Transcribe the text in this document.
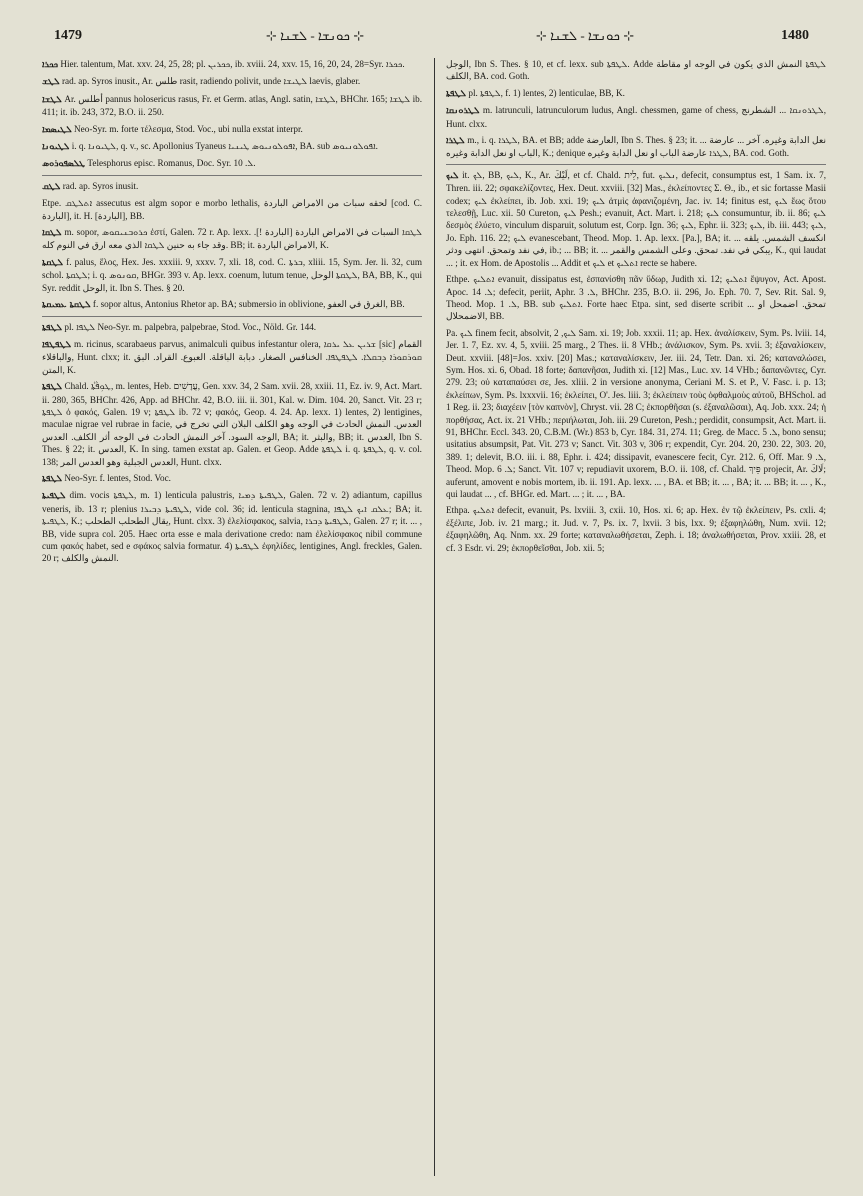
1479	⊹ ܟܘܢܫܐ - ܠܫܢܐ ⊹	⊹ ܟܘܢܫܐ - ܠܫܢܐ ⊹	1480

ܟܟܪܐ Hier. talentum, Mat. xxv. 24, 25, 28; pl. ܟܟܪܝܢ, ib. xviii. 24, xxv. 15, 16, 20, 24, 28=Syr. ܟܟܪܐ.

ܠܛܫ rad. ap. Syros inusit., Ar. طلس rasit, radiendo polivit, unde ܠܛܝܫܐ laevis, glaber.

ܠܛܫܐ Ar. أطلس pannus holosericus rasus, Fr. et Germ. atlas, Angl. satin, ܠܛܫܐ, BHChr. 165; ܠܛܫܐ ib. 411; it. ib. 243, 372, B.O. ii. 250.

ܠܛܝܣܡܐ Neo-Syr. m. forte τέλεσμα, Stod. Voc., ubi nulla exstat interpr.

ܠܛܝܘܢܐ i. q. ܠܛܝܘܢܐ, q. v., sc. Apollonius Tyaneus ܐܦܘܠܘܢܝܘܣ ܛܝܢܝܐ, BA. sub ܐܦܘܠܘܢܝܘܣ.

ܛܠܣܦܘܪܘܣ Telesphorus episc. Romanus, Doc. Syr. ܠ. 10.

ܠܛܩ rad. ap. Syros inusit.

Etpe. ܐܬܠܛܩ assecutus est algm sopor e morbo lethalis, لحقه سبات من الامراض الباردة [cod. C. الباردة], it. H. [الباردة], BB.

ܠܛܩܐ m. sopor, ܟܪܘܒܢܝܩܘܣ ἐστί, Galen. 72 r. Ap. lexx. ܠܛܩܐ السبات في الامراض الباردة [الباردة !]. وقد جاء به حنين ܠܛܩܐ الذي معه ارق في النوم كله. BB; it. الامراض الباردة, K.

ܠܛܩܬܐ f. palus, ἕλος, Hex. Jes. xxxiii. 9, xxxv. 7, xli. 18, cod. C. ܒܪܬܐ, xliii. 15, Sym. Jer. li. 32, cum schol. ܠܛܩܬܐ; i. q. ܩܘܢܘܣ, BHGr. 393 v. Ap. lexx. coenum, lutum tenue, ܠܛܩܬܐ الوحل, BA, BB, K., qui Syr. reddit الوحل, it. Ibn S. Thes. § 20.

ܠܛܩܬܐ ܥܡܝܩܬܐ f. sopor altus, Antonius Rhetor ap. BA; submersio in oblivione, الغرق في العفو, BB.

ܠܛܦܬܐ pl. ܠܛܦܐ Neo-Syr. m. palpebra, palpebrae, Stod. Voc., Nöld. Gr. 144.

ܠܛܦܛܦܐ m. ricinus, scarabaeus parvus, animalculi quibus infestantur olera, ܫܪܝܢ ܥܠ ܝܪܩܐ [sic] القمام والباقلاء, Hunt. clxx; it. ܩܘܪܩܘܪܐ ܕܒܩܠܐ. ܠܛܦܛܦܐ. الخنافس الصغار. دبابة الباقلة. العبوع. القراد. البق المتن, K.

ܠܛܦܬܐ Chald. ܛܘܼܦܵܬܵܐ, m. lentes, Heb. עֲדָשִׁים, Gen. xxv. 34, 2 Sam. xvii. 28, xxiii. 11, Ez. iv. 9, Act. Mart. ii. 280, 365, BHChr. 426, App. ad BHChr. 42, B.O. iii. ii. 301, Kal. w. Dim. 104. 20, Sanct. Vit. 23 r; ܠܛܦܬܐ ὁ φακός, Galen. 19 v; ܠܛܦܬܐ ib. 72 v; φακός, Geop. 4. 24. Ap. lexx. 1) lentes, 2) lentigines, maculae nigrae vel rubrae in facie, العدس. النمش الحادث في الوجه وهو الكلف البلان التي تخرج في الوجه السود. آخر النمش الحادث في الوجه أثر الكلف. العدس, BA; it. والبثر, BB; it. العدس, Ibn S. Thes. § 22; it. العدس, K. In sing. tamen exstat ap. Galen. et Geop. Adde ܠܛܦܬܐ i. q. ܠܛܦܬܐ, q. v. col. 138; العدس الجبلية وهو العدس المر, Hunt. clxx.

ܠܛܦܬܐ Neo-Syr. f. lentes, Stod. Voc.

ܠܛܦܝܬܐ dim. vocis ܠܛܦܬܐ, m. 1) lenticula palustris, ܠܛܦܝܬܐ ܕܡܝܐ, Galen. 72 v. 2) adiantum, capillus veneris, ib. 13 r; plenius ܠܛܦܝܬܐ ܕܒܝܪܐ, vide col. 36; id. lenticula stagnina, ܥܠܩ ܐܝܟ ܠܛܦܐ; BA; it. ܠܛܦܝܬܐ, K.; يقال الطحلب الطحلب, Hunt. clxx. 3) ἐλελίσφακος, salvia, ܠܛܦܝܬܐ ܕܒܪܐ, Galen. 27 r; it. ... , BB, vide supra col. 205. Haec orta esse e mala derivatione credo: nam ἐλελίσφακος nibil commune cum φακός habet, sed e σφάκος salvia formatur. 4) ܠܛܦܝܬܐ ἐφηλίδες, lentigines, Angl. freckles, Galen. 20 r; النمش والكلف.

الوجل, Ibn S. Thes. § 10, et cf. lexx. sub ܠܛܦܬܐ. Adde ܠܛܦܬܐ النمش الذي يكون في الوجه او مقاطة الكلف, BA. cod. Goth.

ܠܛܦܬܐ pl. ܠܛܦܬܐ, f. 1) lentes, 2) lenticulae, BB, K.

ܠܛܪܘܢܩܐ m. latrunculi, latrunculorum ludus, Angl. chessmen, game of chess, ܠܛܪܘܢܩܐ ... الشطرنج, Hunt. clxx.

ܠܛܪܐ m., i. q. ܠܛܪܐ, BA. et BB; adde العارضة, Ibn S. Thes. § 23; it. ... نعل الدابة وغيره. آخر ... عارضة الباب او نعل الدابة وغيره, K.; denique ܠܛܪܐ عارضة الباب او نعل الدابة وغيره, BA. cod. Goth.

ܠܝܟ it. ܠܟ, BB, ܠܝܟ, K., Ar. لَيْكَ, et cf. Chald. לֵית, fut. ܢܠܝܟ, defecit, consumptus est, 1 Sam. ix. 7, Thren. iii. 22; σφακελίζοντες, Hex. Deut. xxviii. [32] Mas., ἐκλείποντες Σ. Θ., ib., et sic fortasse Masii codex; ܠܝܟ ἐκλείπει, ib. Job. xxi. 19; ܠܝܟ ἀτμὶς ἀφανιζομένη, Jac. iv. 14; finitus est, ܠܝܟ ἕως ὅτου τελεσθῇ, Luc. xii. 50 Cureton, ܠܝܟ Pesh.; evanuit, Act. Mart. i. 218; ܠܝܟ consumuntur, ib. ii. 86; ܠܝܟ δεσμὸς ἐλύετο, vinculum disparuit, solutum est, Corp. Ign. 36; ܠܝܟ, Ephr. ii. 323; ܠܝܟ, ib. iii. 443; ܠܝܟ, Jo. Eph. 116. 22; ܠܝܟ evanescebant, Theod. Mop. 1. Ap. lexx. [Pa.], BA; it. ... انكسف الشمس. يلقه في نفد وتمحق. انتهى ودثر, ib.; ... BB; it. ... يبكي في نفد. تمحق. وعلى الشمس والقمر, K., qui laudat ... ; it. ex Hom. de Apostolis ... Addit et ܠܝܟ et ܐܬܠܝܟ recte se habere.

Ethpe. ܐܬܠܝܟ evanuit, dissipatus est, ἐσπανίσθη πᾶν ὕδωρ, Judith xi. 12; ܐܬܠܝܟ ἔψυγον, Act. Apost. Apoc. ܠ. 14; defecit, periit, Aphr. ܠ. 3, BHChr. 235, B.O. ii. 296, Jo. Eph. 70. 7, Sev. Rit. Sal. 9, Theod. Mop. ܠ. 1, BB. sub ܐܬܠܝܟ. Forte haec Etpa. sint, sed diserte scribit ... تمحق. اضمحل او الاضمحلال, BB.

Pa. ܠܝܟ finem fecit, absolvit, ܠܝܟ, 2 Sam. xi. 19; Job. xxxii. 11; ap. Hex. ἀναλίσκειν, Sym. Ps. lviii. 14, Jer. 1. 7, Ez. xv. 4, 5, xviii. 25 marg., 2 Thes. ii. 8 VHb.; ἀνάλισκον, Sym. Ps. xvii. 3; ἐξαναλίσκειν, Deut. xxviii. [48]=Jos. xxiv. [20] Mas.; καταναλίσκειν, Jer. iii. 24, Tetr. Dan. xi. 26; καταναλώσει, Sym. Hos. xi. 6, Obad. 18 forte; δαπανῆσαι, Judith xi. [12] Mas., Luc. xv. 14 VHb.; δαπανῶντες, Cyr. 279. 23; οὐ καταπαύσει σε, Jes. xliii. 2 in versione anonyma, Ceriani M. S. et P., V. Fasc. i. p. 13; ἐκλείπων, Sym. Ps. lxxxvii. 16; ἐκλείπει, O'. Jes. liii. 3; ἐκλείπειν τοὺς ὀφθαλμοὺς αὐτοῦ, BHSchol. ad 1 Reg. ii. 23; διαχέειν [τὸν καπνὸν], Chryst. vii. 28 C; ἐκπορθῆσαι (s. ἐξαναλῶσαι), Aq. Job. xxx. 24; ἡ πορθήσας, Act. ix. 21 VHb.; περιήλωται, Joh. iii. 29 Cureton, Pesh.; perdidit, consumpsit, Act. Mart. ii. 91, BHChr. Eccl. 343. 20, C.B.M. (Wr.) 853 b, Cyr. 184. 31, 274. 11; Greg. de Macc. ܠ. 5, bono sensu; usitatius absumpsit, Pat. Vit. 273 v; Sanct. Vit. 303 v, 306 r; expendit, Cyr. 204. 20, 230. 22, 303. 20, 389. 1; delevit, B.O. iii. i. 88, Ephr. i. 424; dissipavit, evanescere fecit, Cyr. 212. 6, Off. Mar. ܠ. 9, Theod. Mop. ܠ. 6; Sanct. Vit. 107 v; repudiavit uxorem, B.O. ii. 108, cf. Chald. פֵּיךְ projecit, Ar. لَاكَ; auferunt, amovent e nobis mortem, ib. ii. 191. Ap. lexx. ... , BA. et BB; it. ... , BA; it. ... BB; it. ... , K., qui laudat ... , cf. BHGr. ed. Mart. ... ; it. ... , BA.

Ethpa. ܐܬܠܝܟ defecit, evanuit, Ps. lxviii. 3, cxii. 10, Hos. xi. 6; ap. Hex. ἐν τῷ ἐκλείπειν, Ps. cxli. 4; ἐξέλιπε, Job. iv. 21 marg.; it. Jud. v. 7, Ps. ix. 7, lxvii. 3 bis, lxx. 9; ἐξαφηλώθη, Num. xvii. 12; ἐξαφηλῶθη, Aq. Nnm. xx. 29 forte; καταναλωθήσεται, Zeph. i. 18; ἀναλωθήσεται, Prov. xxiii. 28, et cf. 3 Esdr. vi. 29; ἐκπορθεῖσθαι, Job. xii. 5;
